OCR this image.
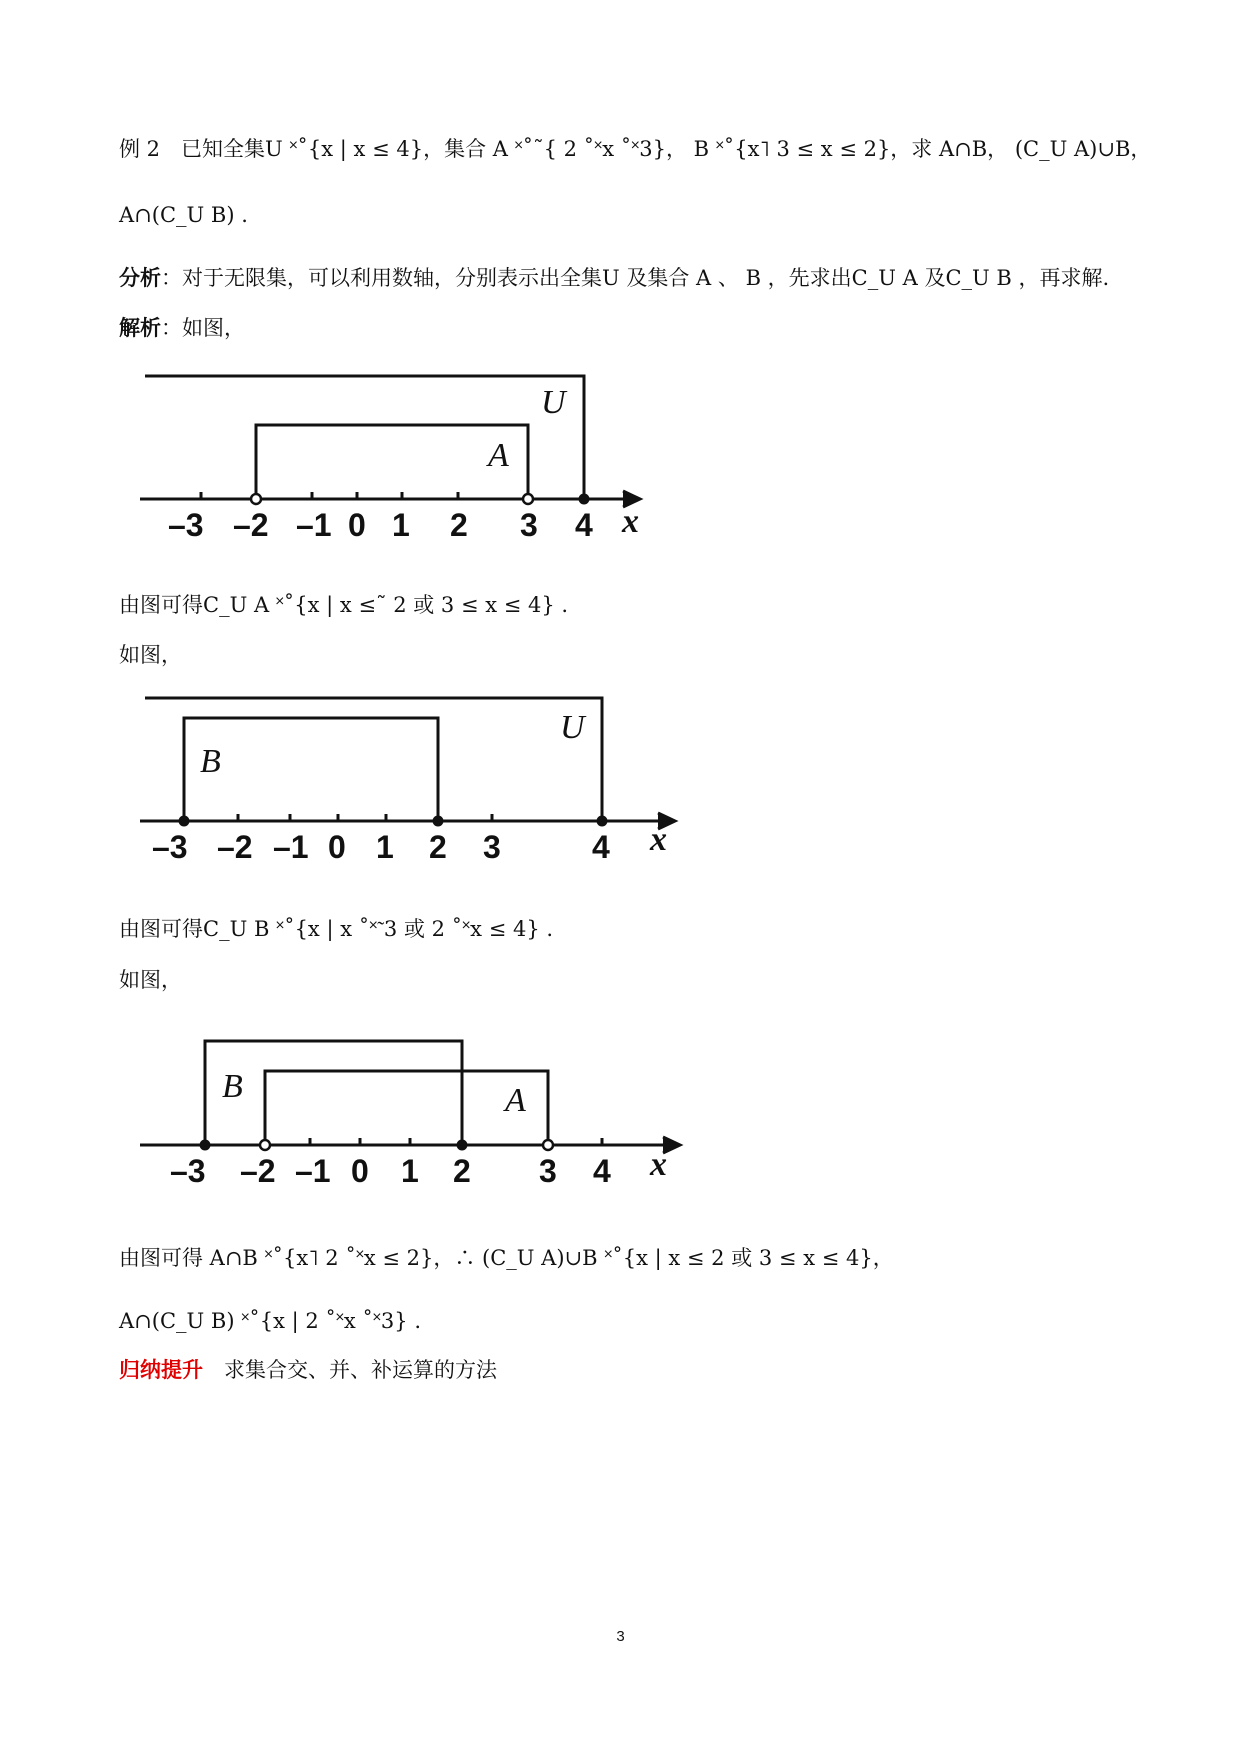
例 2　已知全集U ˟˚{x | x ≤ 4}，集合 A ˟˚˜{ 2 ˚˟x ˚˟3}， B ˟˚{x˥ 3 ≤ x ≤ 2}，求 A∩B， (C_U A)∪B，
A∩(C_U B) .
分析：对于无限集，可以利用数轴，分别表示出全集U 及集合 A 、 B ，先求出C_U A 及C_U B ，再求解.
解析：如图，
U
A
–3 –2 –1 0 1 2 3 4 x
由图可得C_U A ˟˚{x | x ≤˜ 2 或 3 ≤ x ≤ 4} .
如图，
U
B
–3 –2 –1 0 1 2 3	4 x
由图可得C_U B ˟˚{x | x ˚˟̃ 3 或 2 ˚˟x ≤ 4} .
如图，
B	A
–3 –2 –1 0 1 2 3 4 x
由图可得 A∩B ˟˚{x˥ 2 ˚˟x ≤ 2}，∴ (C_U A)∪B ˟˚{x | x ≤ 2 或 3 ≤ x ≤ 4}，
A∩(C_U B) ˟˚{x | 2 ˚˟x ˚˟3} .
归纳提升　求集合交、并、补运算的方法
3
